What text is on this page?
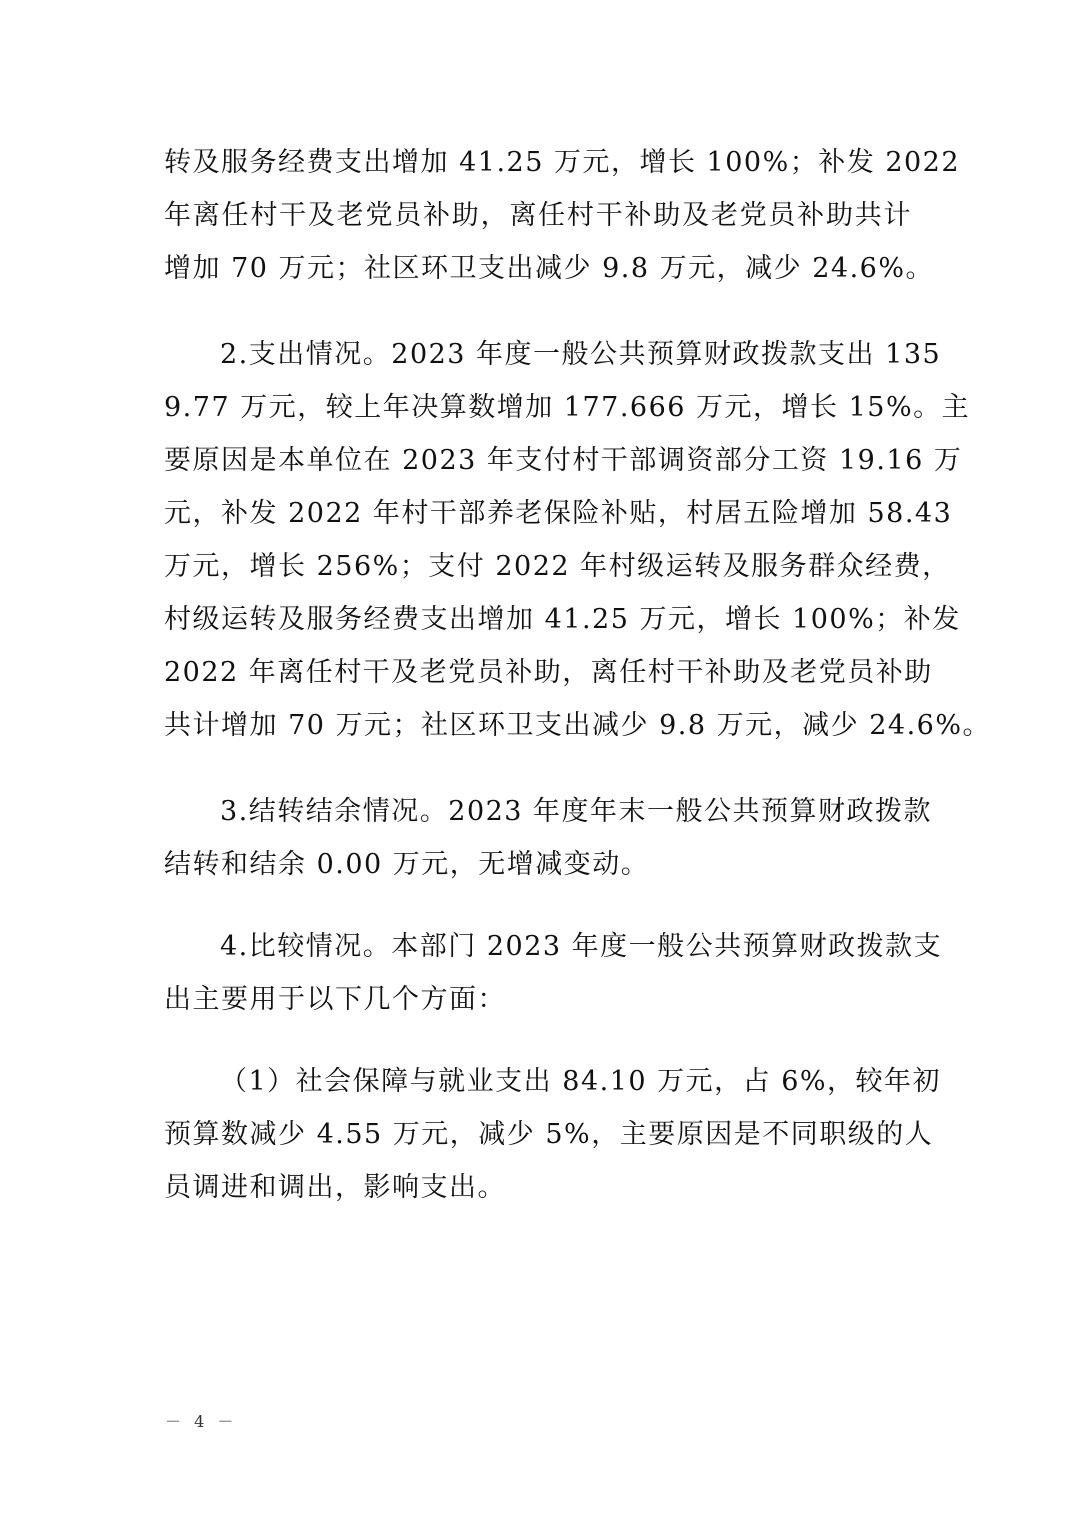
转及服务经费支出增加 41.25 万元，增长 100%；补发 2022
年离任村干及老党员补助，离任村干补助及老党员补助共计
增加 70 万元；社区环卫支出减少 9.8 万元，减少 24.6%。
2.支出情况。2023 年度一般公共预算财政拨款支出 135
9.77 万元，较上年决算数增加 177.666 万元，增长 15%。主
要原因是本单位在 2023 年支付村干部调资部分工资 19.16 万
元，补发 2022 年村干部养老保险补贴，村居五险增加 58.43
万元，增长 256%；支付 2022 年村级运转及服务群众经费，
村级运转及服务经费支出增加 41.25 万元，增长 100%；补发
2022 年离任村干及老党员补助，离任村干补助及老党员补助
共计增加 70 万元；社区环卫支出减少 9.8 万元，减少 24.6%。
3.结转结余情况。2023 年度年末一般公共预算财政拨款
结转和结余 0.00 万元，无增减变动。
4.比较情况。本部门 2023 年度一般公共预算财政拨款支
出主要用于以下几个方面：
（1）社会保障与就业支出 84.10 万元，占 6%，较年初
预算数减少 4.55 万元，减少 5%，主要原因是不同职级的人
员调进和调出，影响支出。
－ 4 －
